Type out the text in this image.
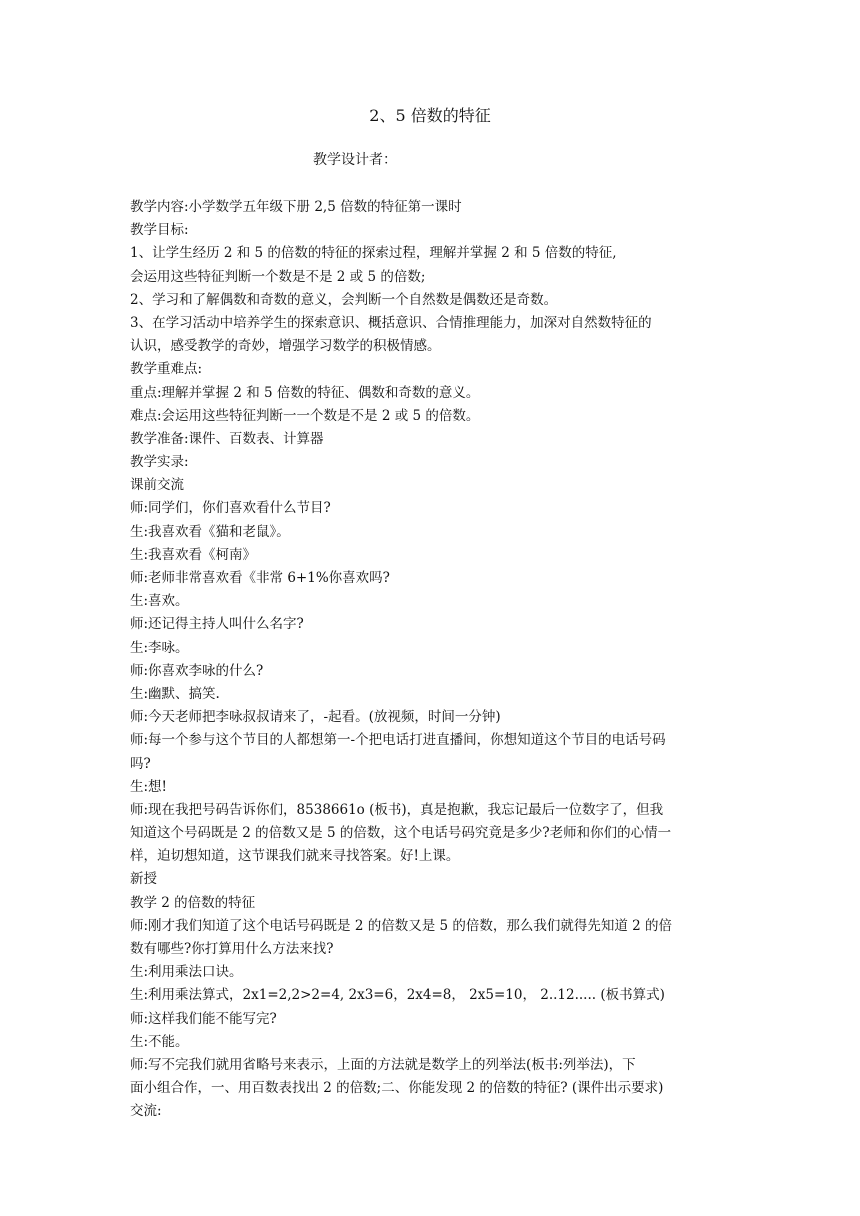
2、5 倍数的特征
教学设计者：
教学内容:小学数学五年级下册 2,5 倍数的特征第一课时
教学目标:
1、让学生经历 2 和 5 的倍数的特征的探索过程，理解并掌握 2 和 5 倍数的特征,
会运用这些特征判断一个数是不是 2 或 5 的倍数;
2、学习和了解偶数和奇数的意义，会判断一个自然数是偶数还是奇数。
3、在学习活动中培养学生的探索意识、概括意识、合情推理能力，加深对自然数特征的
认识，感受教学的奇妙，增强学习数学的积极情感。
教学重难点:
重点:理解并掌握 2 和 5 倍数的特征、偶数和奇数的意义。
难点:会运用这些特征判断一一个数是不是 2 或 5 的倍数。
教学准备:课件、百数表、计算器
教学实录:
课前交流
师:同学们，你们喜欢看什么节目?
生:我喜欢看《猫和老鼠》。
生:我喜欢看《柯南》
师:老师非常喜欢看《非常 6+1%你喜欢吗?
生:喜欢。
师:还记得主持人叫什么名字?
生:李咏。
师:你喜欢李咏的什么?
生:幽默、搞笑.
师:今天老师把李咏叔叔请来了，-起看。(放视频，时间一分钟)
师:每一个参与这个节目的人都想第一-个把电话打进直播间，你想知道这个节目的电话号码
吗?
生:想!
师:现在我把号码告诉你们，8538661o (板书)，真是抱歉，我忘记最后一位数字了，但我
知道这个号码既是 2 的倍数又是 5 的倍数，这个电话号码究竟是多少?老师和你们的心情一
样，迫切想知道，这节课我们就来寻找答案。好!上课。
新授
教学 2 的倍数的特征
师:刚才我们知道了这个电话号码既是 2 的倍数又是 5 的倍数，那么我们就得先知道 2 的倍
数有哪些?你打算用什么方法来找?
生:利用乘法口诀。
生:利用乘法算式，2x1=2,2>2=4, 2x3=6，2x4=8， 2x5=10， 2..12..... (板书算式)
师:这样我们能不能写完?
生:不能。
师:写不完我们就用省略号来表示，上面的方法就是数学上的列举法(板书:列举法)，下
面小组合作，一、用百数表找出 2 的倍数;二、你能发现 2 的倍数的特征? (课件出示要求)
交流:
